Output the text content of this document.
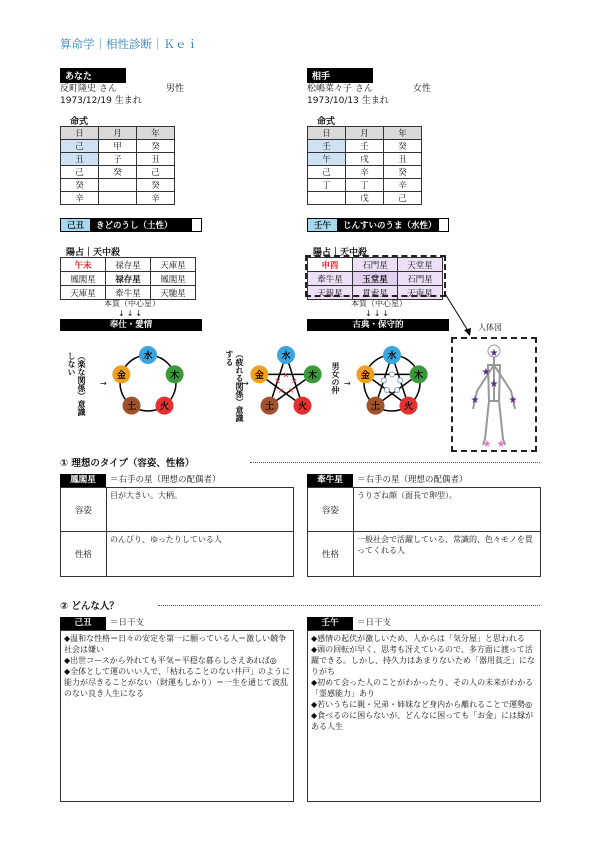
算命学｜相性診断｜Ｋｅｉ
あなた
反町隆史 さん	男性
1973/12/19 生まれ
命式
日	月	年
己	甲	癸
丑	子	丑
己	癸	己
癸		癸
辛		辛
己丑 きどのうし（土性）
陽占｜天中殺
午未	禄存星	天庫星
鳳閣星	禄存星	鳳閣星
天庫星	牽牛星	天馳星
本質（中心星）
↓↓↓
奉仕・愛情
相手
松嶋菜々子 さん	女性
1973/10/13 生まれ
命式
日	月	年
壬	壬	癸
午	戌	丑
己	辛	癸
丁	丁	辛
	戊	己
壬午 じんすいのうま（水性）
陽占｜天中殺
申酉	石門星	天堂星
牽牛星	玉堂星	石門星
天報星	貫索星	天南星
本質（中心星）
↓↓↓
古典・保守的	人体図
★
★
★
★	★
★ ★
（楽な関係）意識しない	（疲れる関係）意識する
男女の仲
→	→	→
水
木
火
土
金	×
×
×
×
×
水
木
火
土
金
水
木
火
土
金
① 理想のタイプ（容姿、性格）
鳳閣星	＝右手の星（理想の配偶者）
容姿
目が大きい。大柄。
性格
のんびり、ゆったりしている人
牽牛星	＝右手の星（理想の配偶者）
容姿
うりざね顔（面長で卵型）。
性格
一般社会で活躍している、常識的、色々モノを買ってくれる人
② どんな人？
己丑	＝日干支
◆温和な性格＝日々の安定を第一に願っている人＝激しい競争社会は嫌い
◆出世コースから外れても平気＝平穏な暮らしさえあれば◎
◆全体として運のいい人で、「枯れることのない井戸」のように能力が尽きることがない（財運もしかり）＝一生を通じて波乱のない良き人生になる
壬午	＝日干支
◆感情の起伏が激しいため、人からは「気分屋」と思われる
◆頭の回転が早く、思考も冴えているので、多方面に渡って活躍できる。しかし、持久力はあまりないため「器用貧乏」になりがち
◆初めて会った人のことがわかったり、その人の未来がわかる「霊感能力」あり
◆若いうちに親・兄弟・姉妹など身内から離れることで運勢◎
◆食べるのに困らないが、どんなに困っても「お金」には縁がある人生
